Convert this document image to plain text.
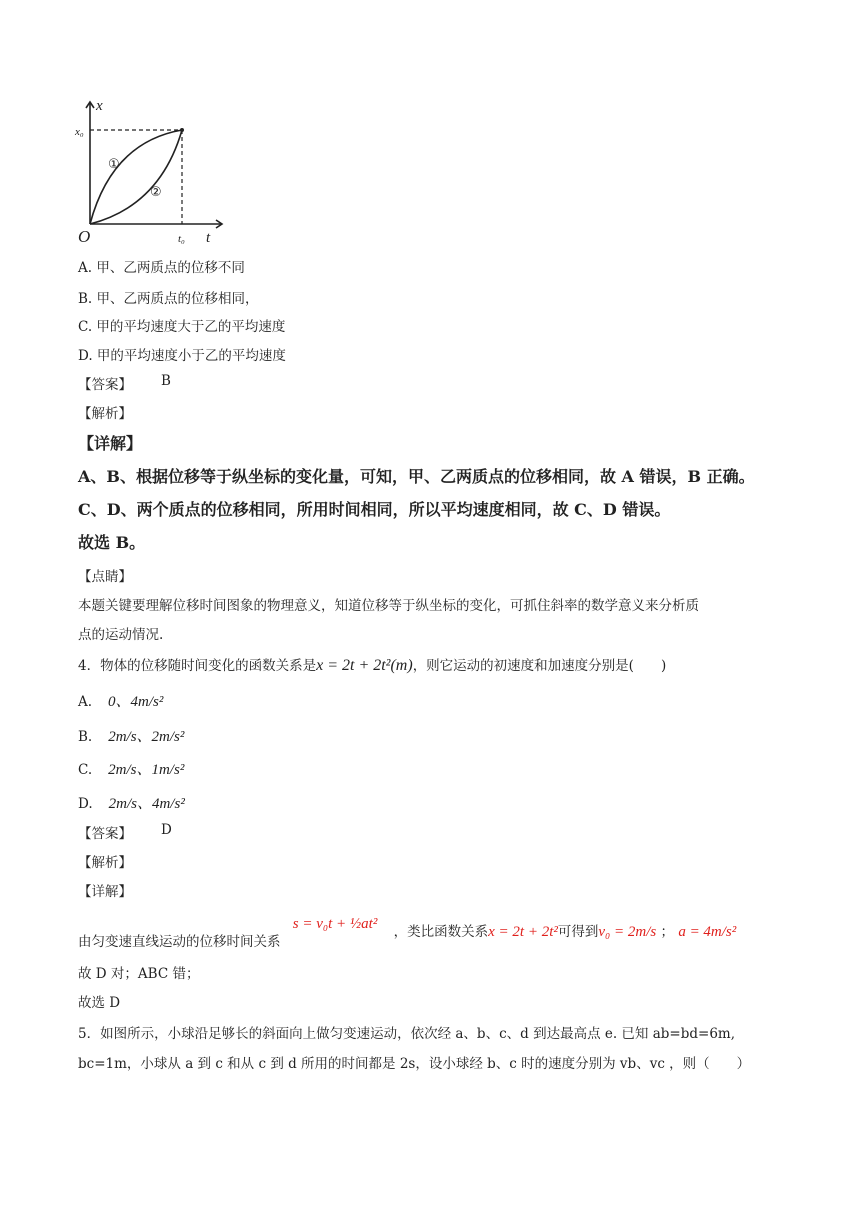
x
x₀
①
②
O	t₀ t
A. 甲、乙两质点的位移不同
B. 甲、乙两质点的位移相同，
C. 甲的平均速度大于乙的平均速度
D. 甲的平均速度小于乙的平均速度
【答案】 B
【解析】
【详解】
A、B、根据位移等于纵坐标的变化量，可知，甲、乙两质点的位移相同，故 A 错误，B 正确。
C、D、两个质点的位移相同，所用时间相同，所以平均速度相同，故 C、D 错误。
故选 B。
【点睛】
本题关键要理解位移时间图象的物理意义，知道位移等于纵坐标的变化，可抓住斜率的数学意义来分析质
点的运动情况.
4．物体的位移随时间变化的函数关系是x = 2t + 2t²(m)，则它运动的初速度和加速度分别是(　　)
A. 0、4m/s²
B. 2m/s、2m/s²
C. 2m/s、1m/s²
D. 2m/s、4m/s²
【答案】 D
【解析】
【详解】
由匀变速直线运动的位移时间关系 s = v₀t + ½at² ，类比函数关系x = 2t + 2t²可得到v₀ = 2m/s ； a = 4m/s²
故 D 对；ABC 错；
故选 D
5．如图所示，小球沿足够长的斜面向上做匀变速运动，依次经 a、b、c、d 到达最高点 e. 已知 ab=bd=6m,
bc=1m，小球从 a 到 c 和从 c 到 d 所用的时间都是 2s，设小球经 b、c 时的速度分别为 vb、vc ，则（　　）
